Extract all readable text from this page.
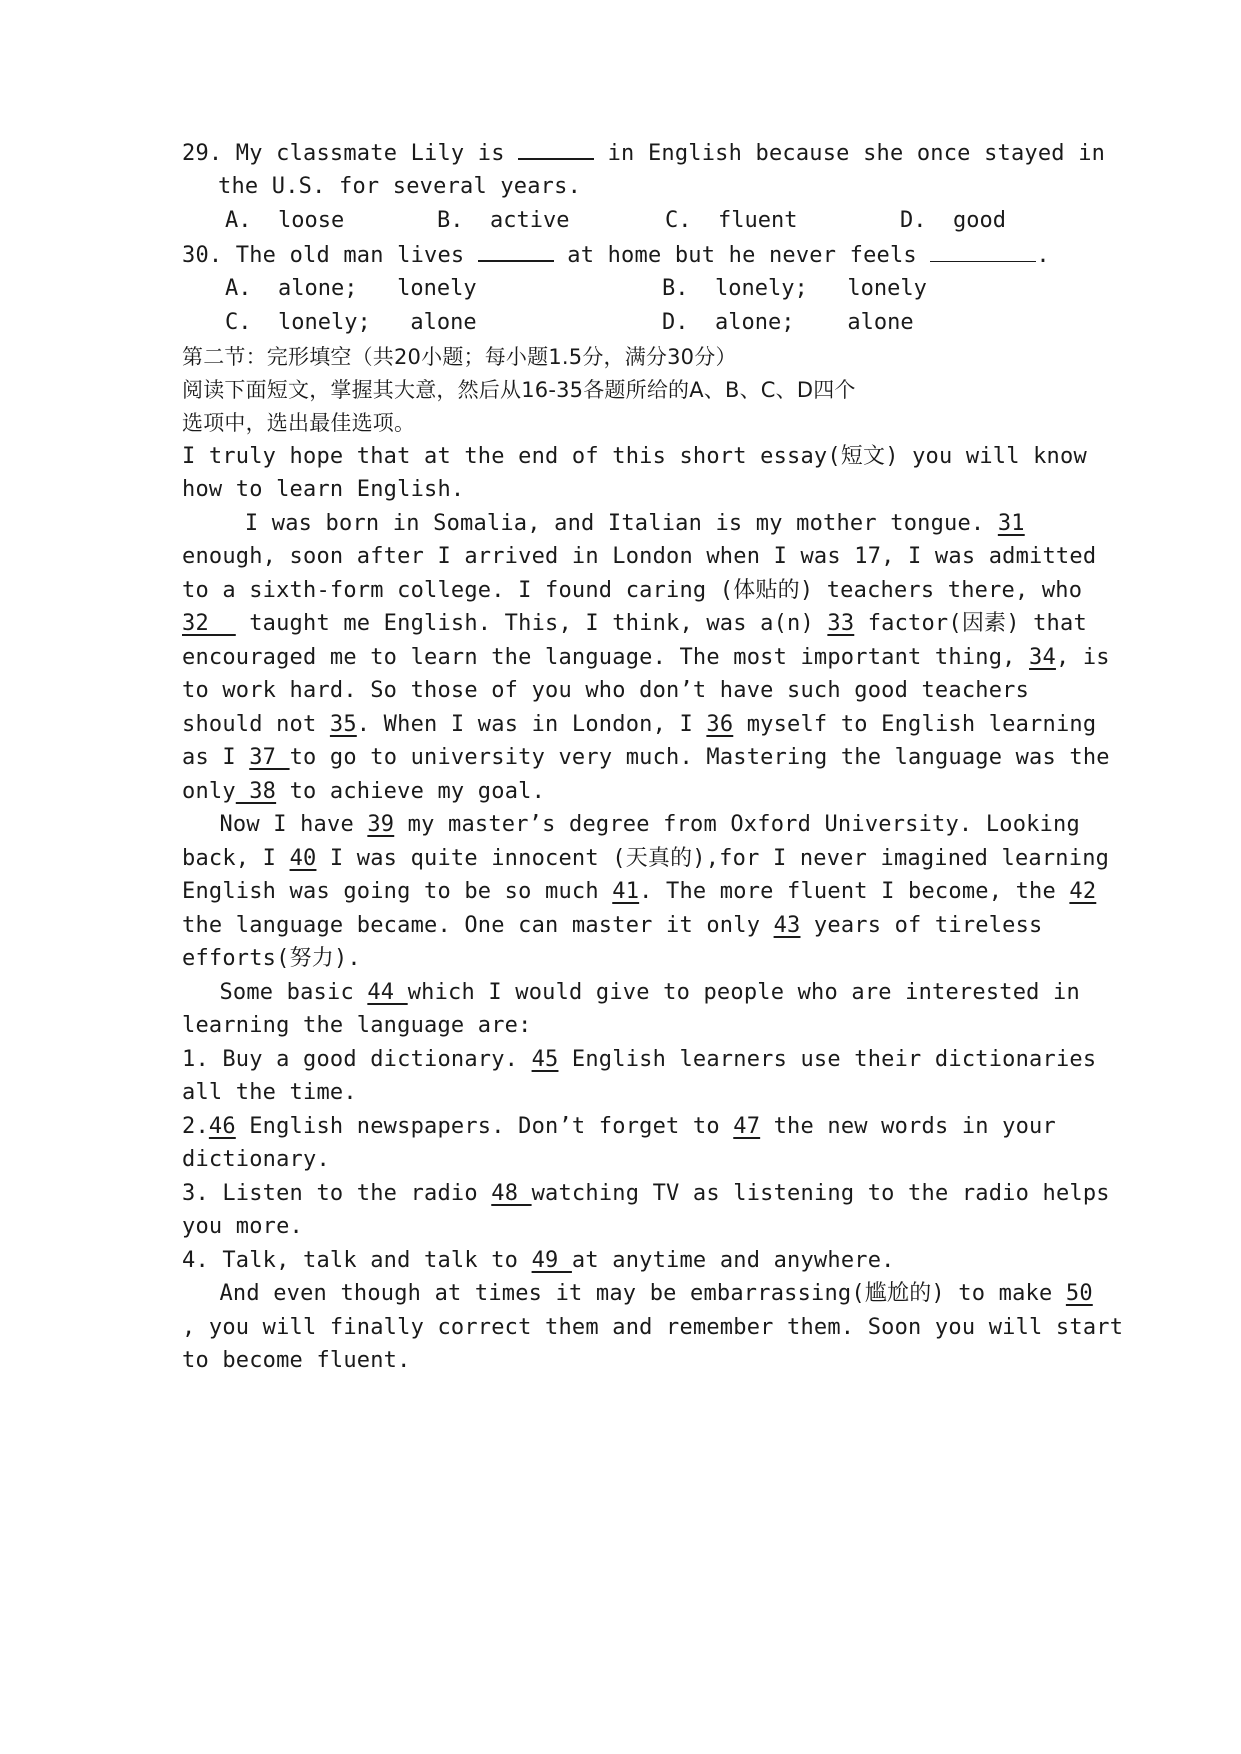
29. My classmate Lily is	in English because she once stayed in
the U.S. for several years.
A.  loose	B.  active	C.  fluent	D.  good
30. The old man lives	at home but he never feels	.
A.  alone;   lonely	B.  lonely;   lonely
C.  lonely;   alone	D.  alone;    alone
第二节：完形填空（共20小题；每小题1.5分，满分30分）
阅读下面短文，掌握其大意，然后从16-35各题所给的A、B、C、D四个
选项中，选出最佳选项。
I truly hope that at the end of this short essay(短文) you will know
how to learn English.
I was born in Somalia, and Italian is my mother tongue. 31
enough, soon after I arrived in London when I was 17, I was admitted
to a sixth-form college. I found caring (体贴的) teachers there, who
32   taught me English. This, I think, was a(n) 33 factor(因素) that
encouraged me to learn the language. The most important thing, 34, is
to work hard. So those of you who don’t have such good teachers
should not 35. When I was in London, I 36 myself to English learning
as I 37 to go to university very much. Mastering the language was the
only 38 to achieve my goal.
Now I have 39 my master’s degree from Oxford University. Looking
back, I 40 I was quite innocent (天真的),for I never imagined learning
English was going to be so much 41. The more fluent I become, the 42
the language became. One can master it only 43 years of tireless
efforts(努力).
Some basic 44 which I would give to people who are interested in
learning the language are:
1. Buy a good dictionary. 45 English learners use their dictionaries
all the time.
2.46 English newspapers. Don’t forget to 47 the new words in your
dictionary.
3. Listen to the radio 48 watching TV as listening to the radio helps
you more.
4. Talk, talk and talk to 49 at anytime and anywhere.
And even though at times it may be embarrassing(尴尬的) to make 50
, you will finally correct them and remember them. Soon you will start
to become fluent.
